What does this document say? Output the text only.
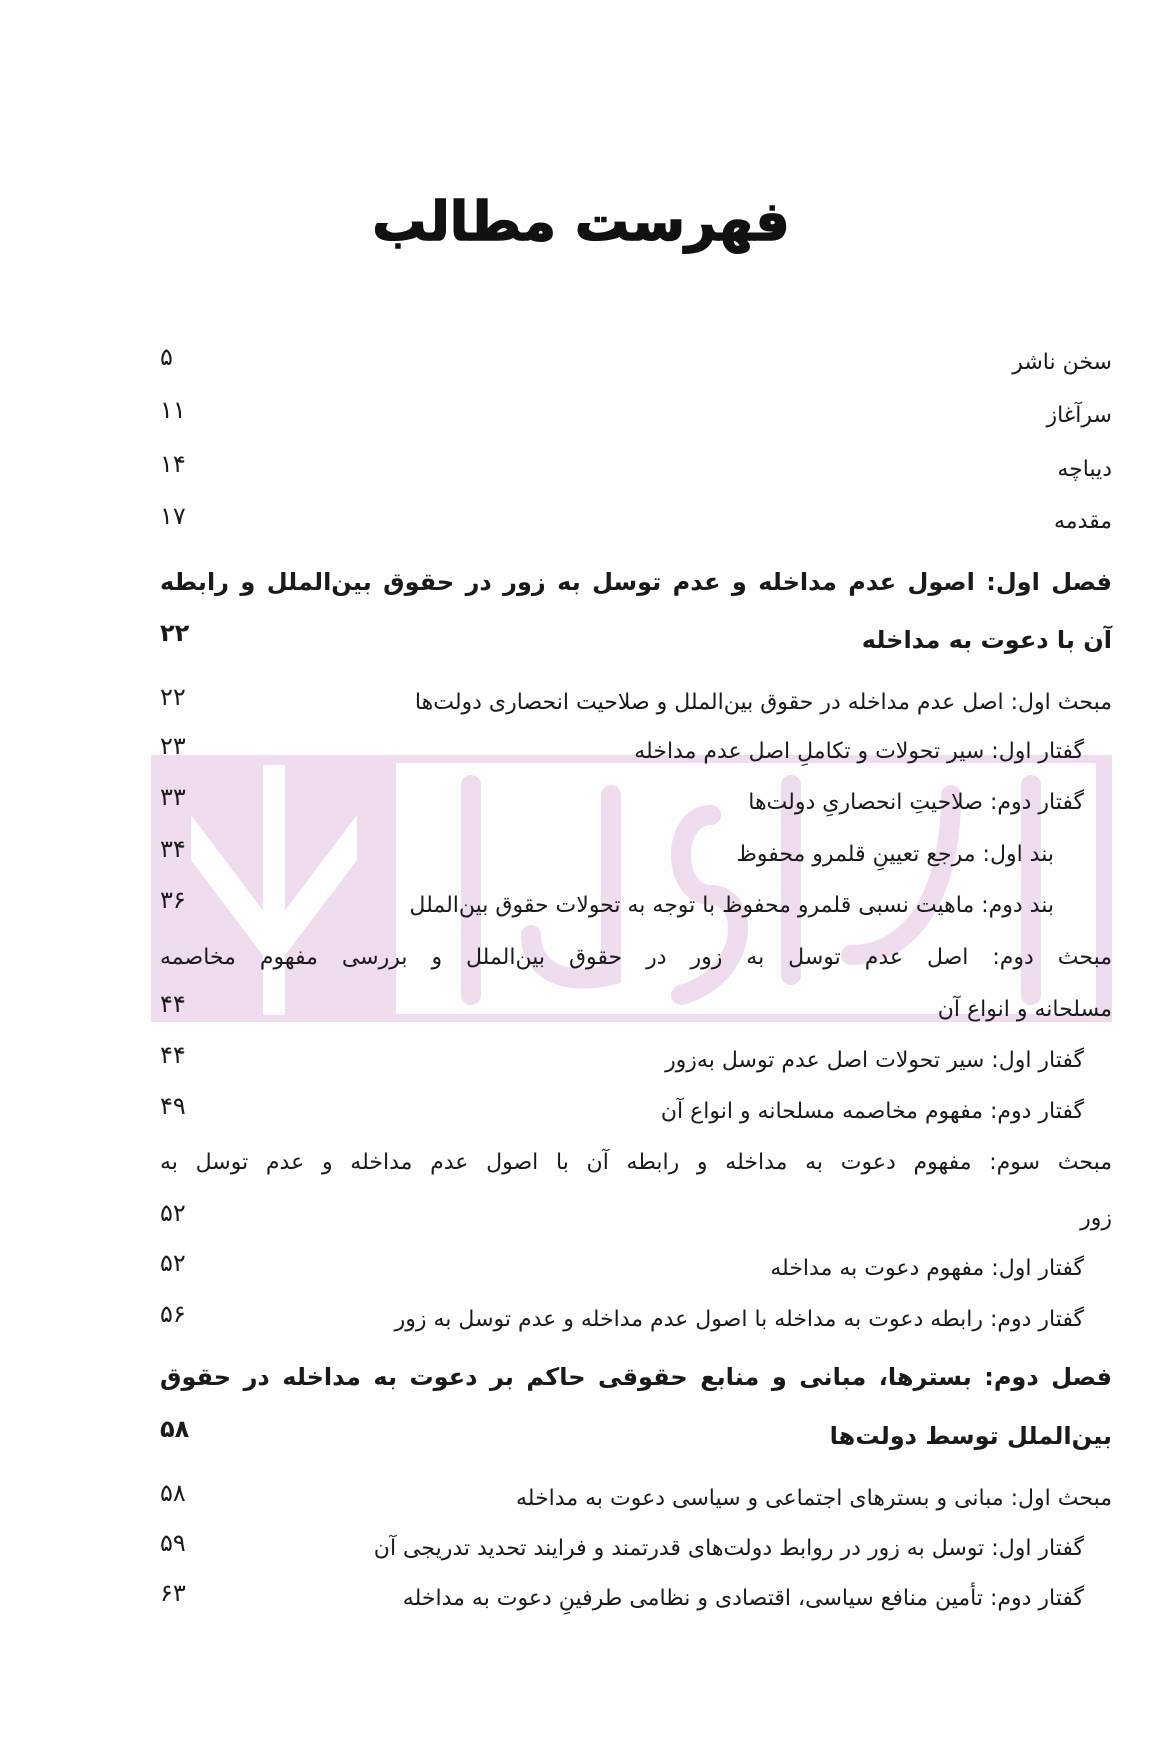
فهرست مطالب
سخن ناشر
۵
سرآغاز
۱۱
دیباچه
۱۴
مقدمه
۱۷
فصل اول: اصول عدم مداخله و عدم توسل به زور در حقوق بین‌الملل و رابطه
آن با دعوت به مداخله
۲۲
مبحث اول: اصل عدم مداخله در حقوق بین‌الملل و صلاحیت انحصاری دولت‌ها
۲۲
گفتار اول: سیر تحولات و تکاملِ اصل عدم مداخله
۲۳
گفتار دوم: صلاحیتِ انحصاریِ دولت‌ها
۳۳
بند اول: مرجع تعیینِ قلمرو محفوظ
۳۴
بند دوم: ماهیت نسبی قلمرو محفوظ با توجه به تحولات حقوق بین‌الملل
۳۶
مبحث دوم: اصل عدم توسل به زور در حقوق بین‌الملل و بررسی مفهوم مخاصمه
مسلحانه و انواع آن
۴۴
گفتار اول: سیر تحولات اصل عدم توسل به‌زور
۴۴
گفتار دوم: مفهوم مخاصمه مسلحانه و انواع آن
۴۹
مبحث سوم: مفهوم دعوت به مداخله و رابطه آن با اصول عدم مداخله و عدم توسل به
زور
۵۲
گفتار اول: مفهوم دعوت به مداخله
۵۲
گفتار دوم: رابطه دعوت به مداخله با اصول عدم مداخله و عدم توسل به زور
۵۶
فصل دوم: بسترها، مبانی و منابع حقوقی حاکم بر دعوت به مداخله در حقوق
بین‌الملل توسط دولت‌ها
۵۸
مبحث اول: مبانی و بسترهای اجتماعی و سیاسی دعوت به مداخله
۵۸
گفتار اول: توسل به زور در روابط دولت‌های قدرتمند و فرایند تحدید تدریجی آن
۵۹
گفتار دوم: تأمین منافع سیاسی، اقتصادی و نظامی طرفینِ دعوت به مداخله
۶۳
